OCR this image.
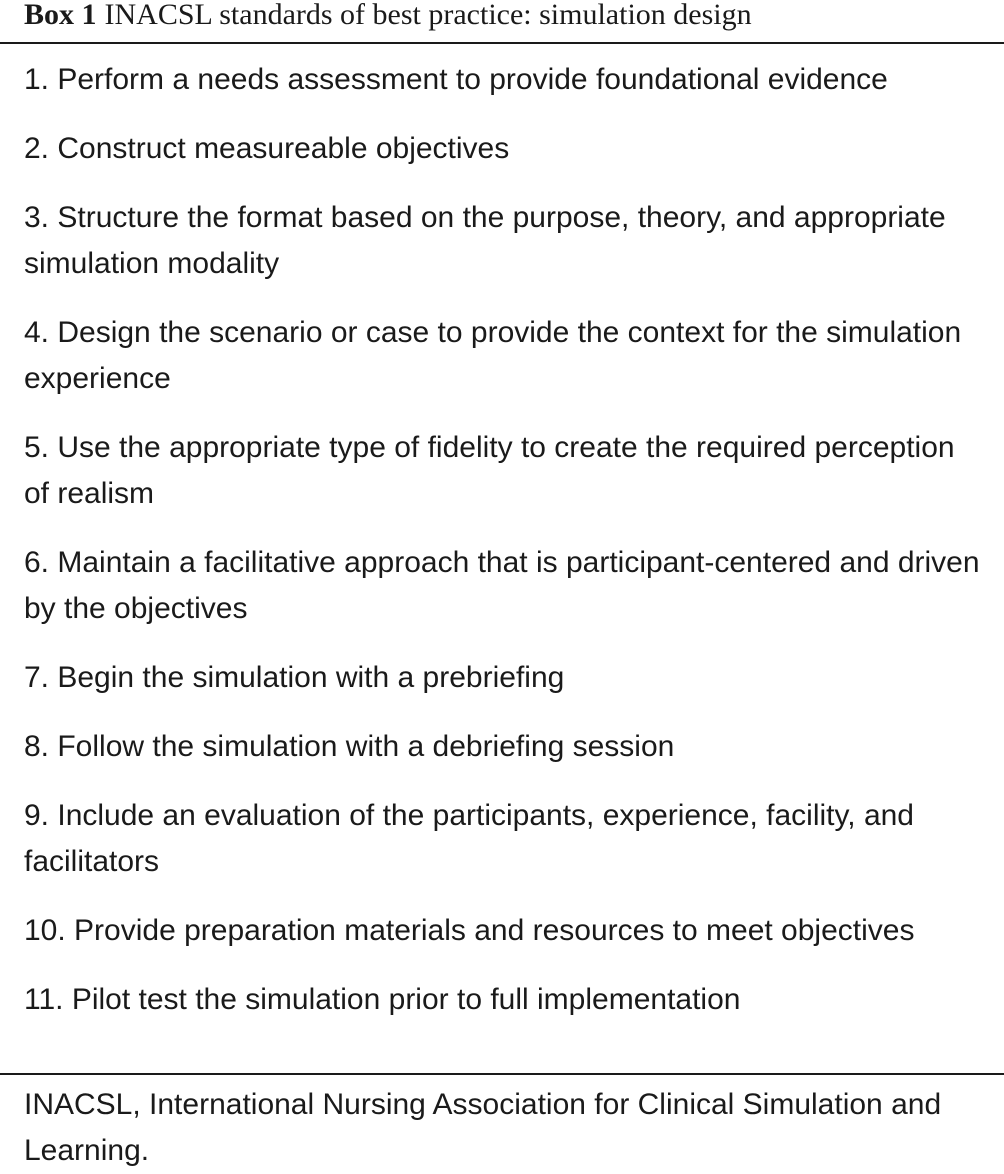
Box 1 INACSL standards of best practice: simulation design
1. Perform a needs assessment to provide foundational evidence
2. Construct measureable objectives
3. Structure the format based on the purpose, theory, and appropriate simulation modality
4. Design the scenario or case to provide the context for the simulation experience
5. Use the appropriate type of fidelity to create the required perception of realism
6. Maintain a facilitative approach that is participant-centered and driven by the objectives
7. Begin the simulation with a prebriefing
8. Follow the simulation with a debriefing session
9. Include an evaluation of the participants, experience, facility, and facilitators
10. Provide preparation materials and resources to meet objectives
11. Pilot test the simulation prior to full implementation
INACSL, International Nursing Association for Clinical Simulation and Learning.
